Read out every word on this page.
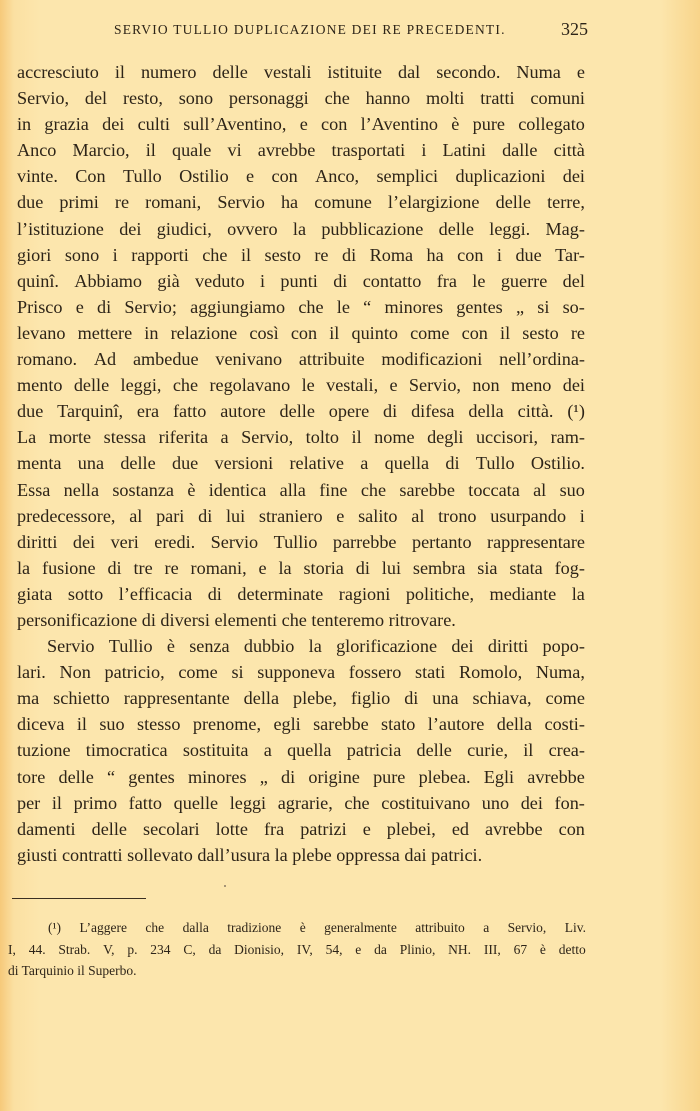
SERVIO TULLIO DUPLICAZIONE DEI RE PRECEDENTI.	325
accresciuto il numero delle vestali istituite dal secondo. Numa e
Servio, del resto, sono personaggi che hanno molti tratti comuni
in grazia dei culti sull’Aventino, e con l’Aventino è pure collegato
Anco Marcio, il quale vi avrebbe trasportati i Latini dalle città
vinte. Con Tullo Ostilio e con Anco, semplici duplicazioni dei
due primi re romani, Servio ha comune l’elargizione delle terre,
l’istituzione dei giudici, ovvero la pubblicazione delle leggi. Mag-
giori sono i rapporti che il sesto re di Roma ha con i due Tar-
quinî. Abbiamo già veduto i punti di contatto fra le guerre del
Prisco e di Servio; aggiungiamo che le “ minores gentes „ si so-
levano mettere in relazione così con il quinto come con il sesto re
romano. Ad ambedue venivano attribuite modificazioni nell’ordina-
mento delle leggi, che regolavano le vestali, e Servio, non meno dei
due Tarquinî, era fatto autore delle opere di difesa della città. (¹)
La morte stessa riferita a Servio, tolto il nome degli uccisori, ram-
menta una delle due versioni relative a quella di Tullo Ostilio.
Essa nella sostanza è identica alla fine che sarebbe toccata al suo
predecessore, al pari di lui straniero e salito al trono usurpando i
diritti dei veri eredi. Servio Tullio parrebbe pertanto rappresentare
la fusione di tre re romani, e la storia di lui sembra sia stata fog-
giata sotto l’efficacia di determinate ragioni politiche, mediante la
personificazione di diversi elementi che tenteremo ritrovare.
Servio Tullio è senza dubbio la glorificazione dei diritti popo-
lari. Non patricio, come si supponeva fossero stati Romolo, Numa,
ma schietto rappresentante della plebe, figlio di una schiava, come
diceva il suo stesso prenome, egli sarebbe stato l’autore della costi-
tuzione timocratica sostituita a quella patricia delle curie, il crea-
tore delle “ gentes minores „ di origine pure plebea. Egli avrebbe
per il primo fatto quelle leggi agrarie, che costituivano uno dei fon-
damenti delle secolari lotte fra patrizi e plebei, ed avrebbe con
giusti contratti sollevato dall’usura la plebe oppressa dai patrici.
(¹) L’aggere che dalla tradizione è generalmente attribuito a Servio, Liv.
I, 44. Strab. V, p. 234 C, da Dionisio, IV, 54, e da Plinio, NH. III, 67 è detto
di Tarquinio il Superbo.
